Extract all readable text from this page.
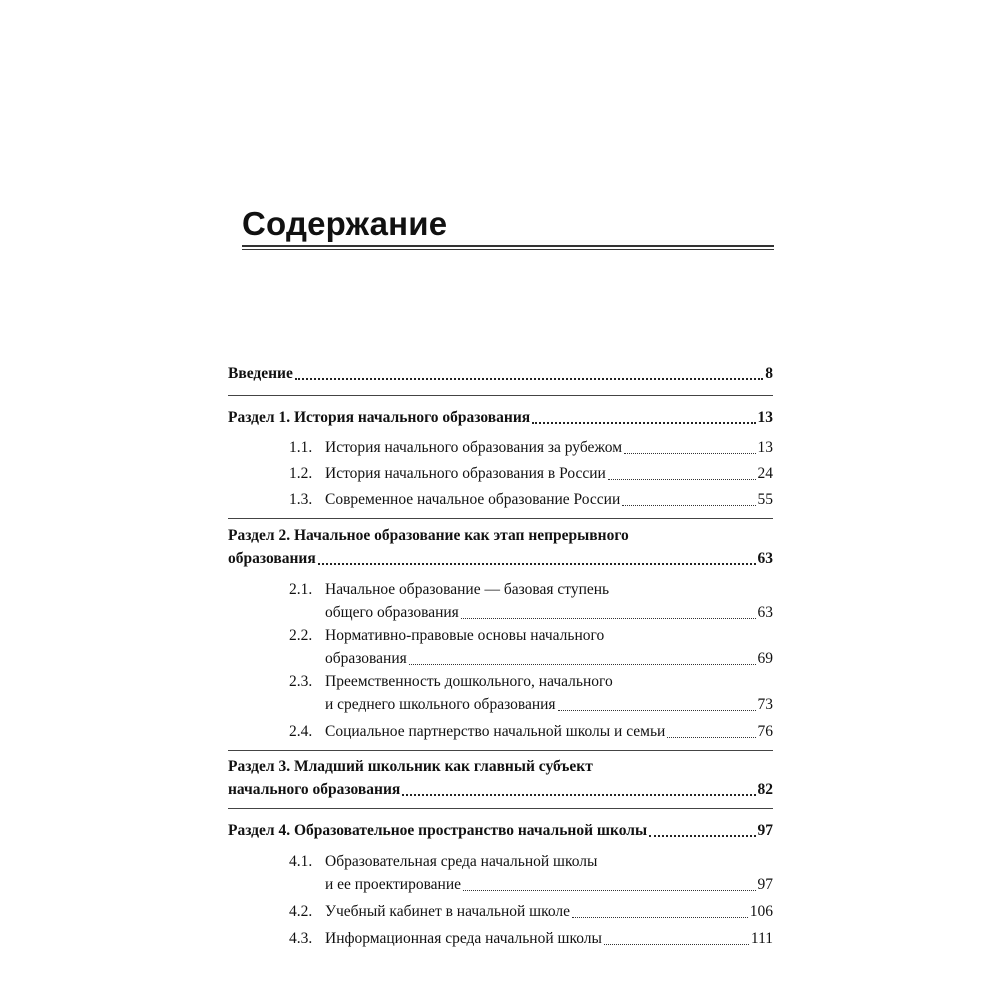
Содержание
Введение	8
Раздел 1. История начального образования	13
1.1. История начального образования за рубежом	13
1.2. История начального образования в России	24
1.3. Современное начальное образование России	55
Раздел 2. Начальное образование как этап непрерывного
образования	63
2.1. Начальное образование — базовая ступень
общего образования	63
2.2. Нормативно-правовые основы начального
образования	69
2.3. Преемственность дошкольного, начального
и среднего школьного образования	73
2.4. Социальное партнерство начальной школы и семьи	76
Раздел 3. Младший школьник как главный субъект
начального образования	82
Раздел 4. Образовательное пространство начальной школы	97
4.1. Образовательная среда начальной школы
и ее проектирование	97
4.2. Учебный кабинет в начальной школе	106
4.3. Информационная среда начальной школы	111
